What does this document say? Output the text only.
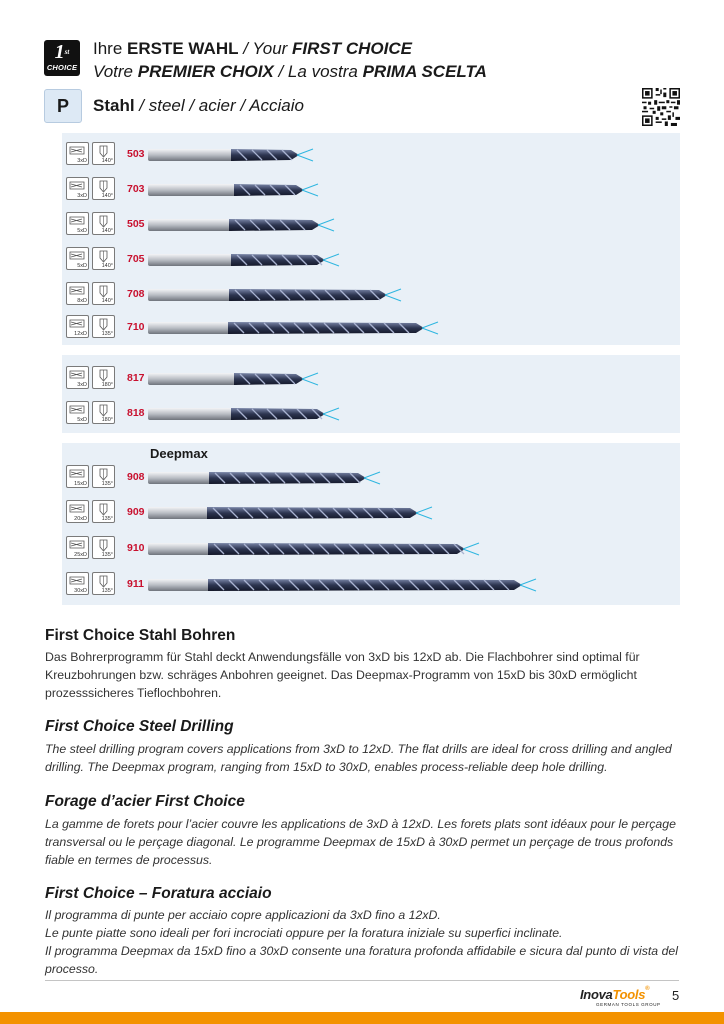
1st
CHOICE
Ihre ERSTE WAHL / Your FIRST CHOICE
Votre PREMIER CHOIX / La vostra PRIMA SCELTA
P	Stahl / steel / acier / Acciaio
Deepmax
3xD	140°
503
3xD	140°
703
5xD	140°
505
5xD	140°
705
8xD	140°
708
12xD	135°
710
3xD	180°
817
5xD	180°
818
15xD	135°
908
20xD	135°
909
25xD	135°
910
30xD	135°
911
First Choice Stahl Bohren

Das Bohrerprogramm für Stahl deckt Anwendungsfälle von 3xD bis 12xD ab. Die Flachbohrer sind optimal für Kreuzbohrungen bzw. schräges Anbohren geeignet. Das Deepmax-Programm von 15xD bis 30xD ermöglicht prozesssicheres Tieflochbohren.

First Choice Steel Drilling

The steel drilling program covers applications from 3xD to 12xD. The flat drills are ideal for cross drilling and angled drilling. The Deepmax program, ranging from 15xD to 30xD, enables process-reliable deep hole drilling.

Forage d’acier First Choice

La gamme de forets pour l’acier couvre les applications de 3xD à 12xD. Les forets plats sont idéaux pour le perçage transversal ou le perçage diagonal. Le programme Deepmax de 15xD à 30xD permet un perçage de trous profonds fiable en termes de processus.

First Choice – Foratura acciaio

Il programma di punte per acciaio copre applicazioni da 3xD fino a 12xD.

Le punte piatte sono ideali per fori incrociati oppure per la foratura iniziale su superfici inclinate.

Il programma Deepmax da 15xD fino a 30xD consente una foratura profonda affidabile e sicura dal punto di vista del processo.

InovaTools®
GERMAN TOOLS GROUP
5
